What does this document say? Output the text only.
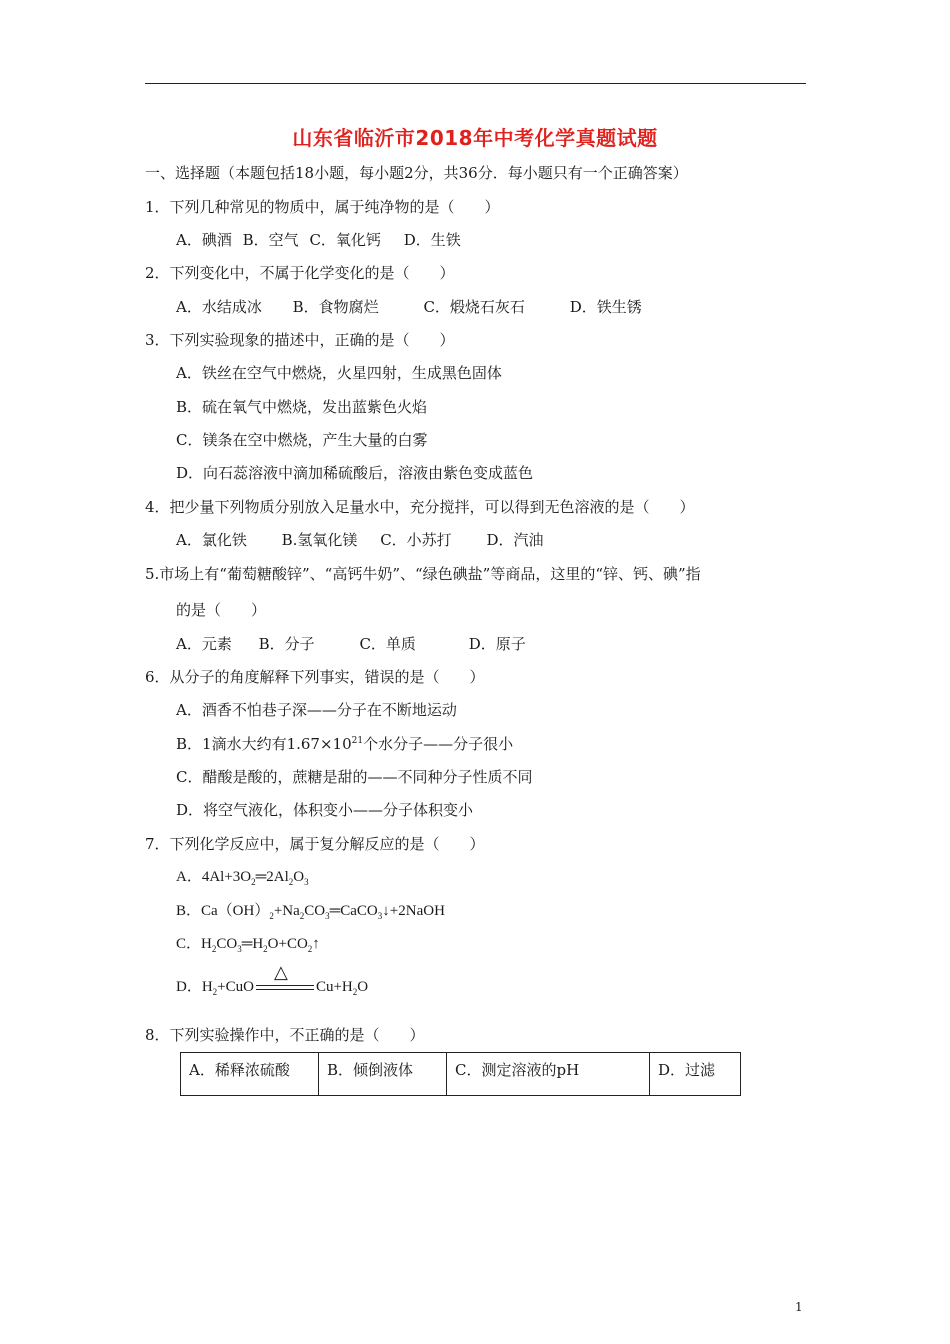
山东省临沂市2018年中考化学真题试题
一、选择题（本题包括18小题，每小题2分，共36分．每小题只有一个正确答案）
1．下列几种常见的物质中，属于纯净物的是（　　）
A．碘酒 B．空气 C．氧化钙 D．生铁
2．下列变化中，不属于化学变化的是（　　）
A．水结成冰 B．食物腐烂	C．煅烧石灰石	D．铁生锈
3．下列实验现象的描述中，正确的是（　　）
A．铁丝在空气中燃烧，火星四射，生成黑色固体
B．硫在氧气中燃烧，发出蓝紫色火焰
C．镁条在空中燃烧，产生大量的白雾
D．向石蕊溶液中滴加稀硫酸后，溶液由紫色变成蓝色
4．把少量下列物质分别放入足量水中，充分搅拌，可以得到无色溶液的是（　　）
A．氯化铁 B.氢氧化镁 C．小苏打 D．汽油
5.市场上有“葡萄糖酸锌”、“高钙牛奶”、“绿色碘盐”等商品，这里的“锌、钙、碘”指
的是（　　）
A．元素 B．分子	C．单质	D．原子
6．从分子的角度解释下列事实，错误的是（　　）
A．酒香不怕巷子深——分子在不断地运动
B．1滴水大约有$1.67\times 10^{21}$个水分子——分子很小
C．醋酸是酸的，蔗糖是甜的——不同种分子性质不同
D．将空气液化，体积变小——分子体积变小
7．下列化学反应中，属于复分解反应的是（　　）
A．$4Al+3O_2═2Al_2O_3$
B．$Ca(OH)_2+Na_2CO_3═CaCO_3↓+2NaOH$
C．$H_2CO_3═H_2O+CO_2↑$
D．$H_2+CuO$
△
$Cu+H_2O$
8．下列实验操作中，不正确的是（　　）
A．稀释浓硫酸	B．倾倒液体	C．测定溶液的pH	D．过滤
1
